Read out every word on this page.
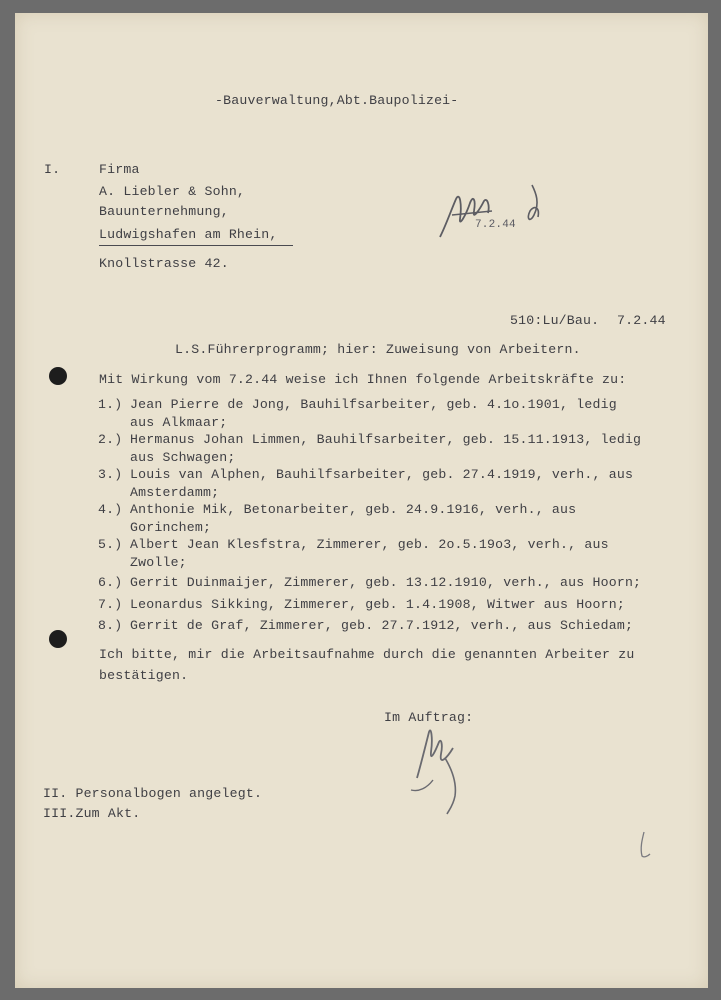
-Bauverwaltung,Abt.Baupolizei-
I.	Firma
A. Liebler & Sohn,
Bauunternehmung,
Ludwigshafen am Rhein,
Knollstrasse 42.
7.2.44
510:Lu/Bau. 7.2.44
L.S.Führerprogramm; hier: Zuweisung von Arbeitern.
Mit Wirkung vom 7.2.44 weise ich Ihnen folgende Arbeitskräfte zu:
1.) Jean Pierre de Jong, Bauhilfsarbeiter, geb. 4.1o.1901, ledig
aus Alkmaar;
2.) Hermanus Johan Limmen, Bauhilfsarbeiter, geb. 15.11.1913, ledig
aus Schwagen;
3.) Louis van Alphen, Bauhilfsarbeiter, geb. 27.4.1919, verh., aus
Amsterdamm;
4.) Anthonie Mik, Betonarbeiter, geb. 24.9.1916, verh., aus
Gorinchem;
5.) Albert Jean Klesfstra, Zimmerer, geb. 2o.5.19o3, verh., aus
Zwolle;
6.) Gerrit Duinmaijer, Zimmerer, geb. 13.12.1910, verh., aus Hoorn;
7.) Leonardus Sikking, Zimmerer, geb. 1.4.1908, Witwer aus Hoorn;
8.) Gerrit de Graf, Zimmerer, geb. 27.7.1912, verh., aus Schiedam;
Ich bitte, mir die Arbeitsaufnahme durch die genannten Arbeiter zu
bestätigen.
Im Auftrag:
II. Personalbogen angelegt.
III.Zum Akt.
